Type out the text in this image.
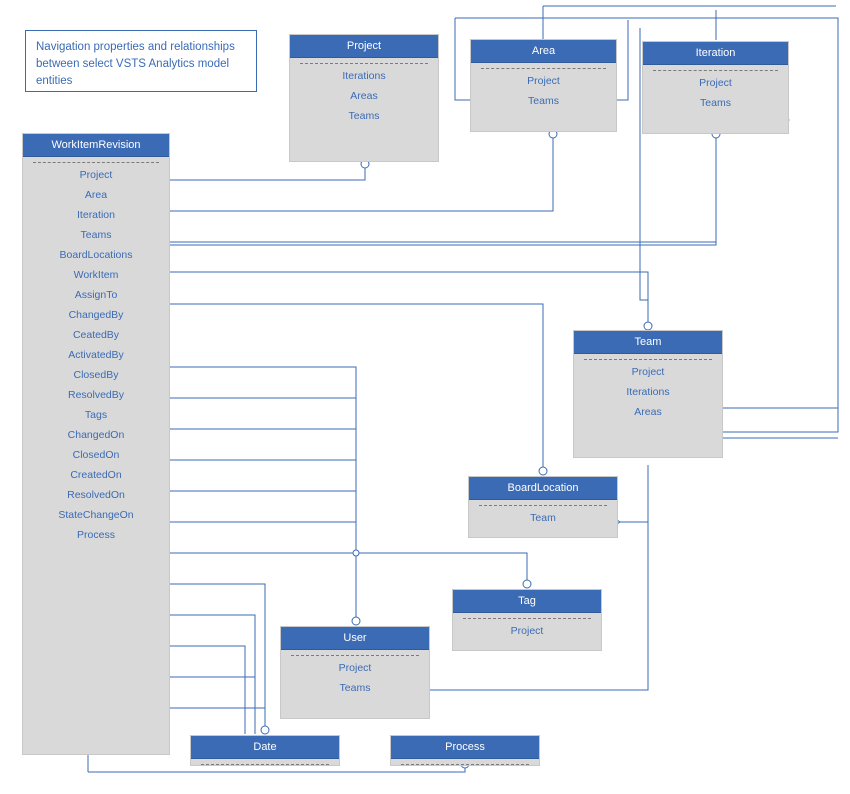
Navigation properties and relationships between select VSTS Analytics model entities
WorkItemRevision
Project
Area
Iteration
Teams
BoardLocations
WorkItem
AssignTo
ChangedBy
CeatedBy
ActivatedBy
ClosedBy
ResolvedBy
Tags
ChangedOn
ClosedOn
CreatedOn
ResolvedOn
StateChangeOn
Process
Project
Iterations
Areas
Teams
Area
Project
Teams
Iteration
Project
Teams
Team
Project
Iterations
Areas
BoardLocation
Team
Tag
Project
User
Project
Teams
Date	Process
